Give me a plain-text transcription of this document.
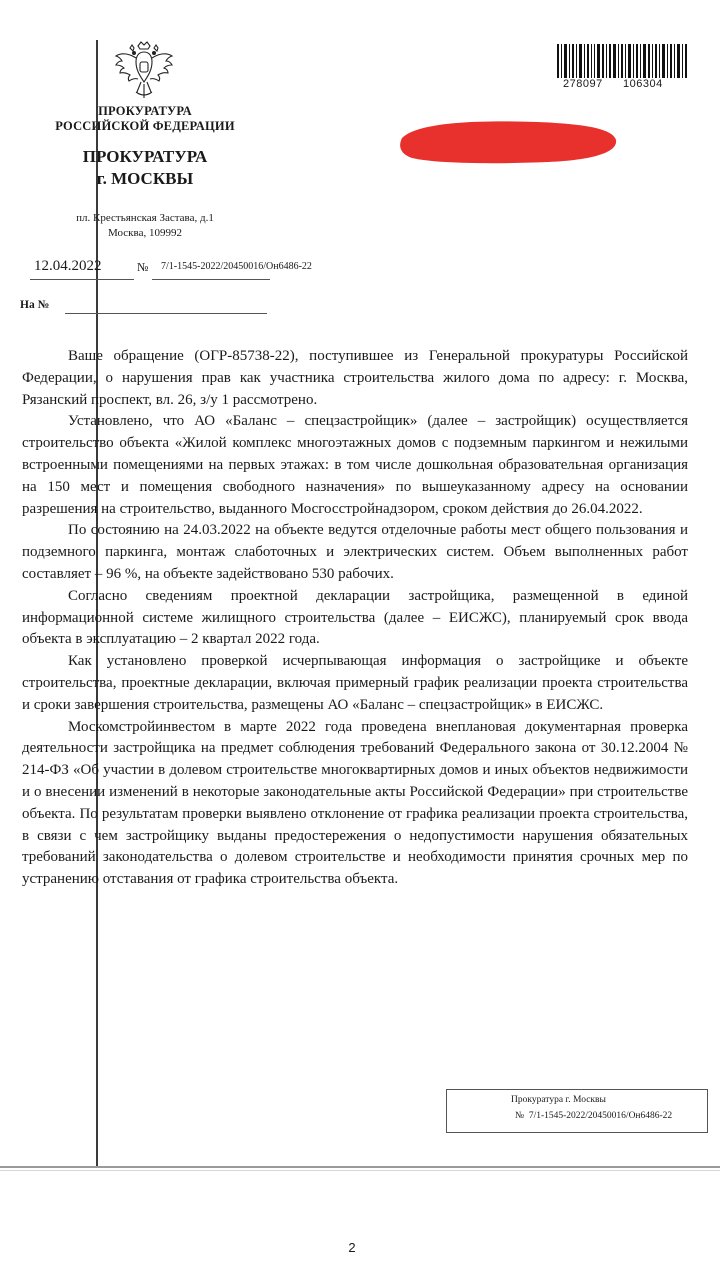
ПРОКУРАТУРА
РОССИЙСКОЙ ФЕДЕРАЦИИ
ПРОКУРАТУРА
г. МОСКВЫ
пл. Крестьянская Застава, д.1
Москва, 109992
12.04.2022	№ 7/1-1545-2022/20450016/Он6486-22
На №
278097 106304

Ваше обращение (ОГР-85738-22), поступившее из Генеральной прокуратуры Российской Федерации, о нарушения прав как участника строительства жилого дома по адресу: г. Москва, Рязанский проспект, вл. 26, з/у 1 рассмотрено.

Установлено, что АО «Баланс – спецзастройщик» (далее – застройщик) осуществляется строительство объекта «Жилой комплекс многоэтажных домов с подземным паркингом и нежилыми встроенными помещениями на первых этажах: в том числе дошкольная образовательная организация на 150 мест и помещения свободного назначения» по вышеуказанному адресу на основании разрешения на строительство, выданного Мосгосстройнадзором, сроком действия до 26.04.2022.

По состоянию на 24.03.2022 на объекте ведутся отделочные работы мест общего пользования и подземного паркинга, монтаж слаботочных и электрических систем. Объем выполненных работ составляет – 96 %, на объекте задействовано 530 рабочих.

Согласно сведениям проектной декларации застройщика, размещенной в единой информационной системе жилищного строительства (далее – ЕИСЖС), планируемый срок ввода объекта в эксплуатацию – 2 квартал 2022 года.

Как установлено проверкой исчерпывающая информация о застройщике и объекте строительства, проектные декларации, включая примерный график реализации проекта строительства и сроки завершения строительства, размещены АО «Баланс – спецзастройщик» в ЕИСЖС.

Москомстройинвестом в марте 2022 года проведена внеплановая документарная проверка деятельности застройщика на предмет соблюдения требований Федерального закона от 30.12.2004 № 214-ФЗ «Об участии в долевом строительстве многоквартирных домов и иных объектов недвижимости и о внесении изменений в некоторые законодательные акты Российской Федерации» при строительстве объекта. По результатам проверки выявлено отклонение от графика реализации проекта строительства, в связи с чем застройщику выданы предостережения о недопустимости нарушения обязательных требований законодательства о долевом строительстве и необходимости принятия срочных мер по устранению отставания от графика строительства объекта.

Прокуратура г. Москвы
№ 7/1-1545-2022/20450016/Он6486-22
2
